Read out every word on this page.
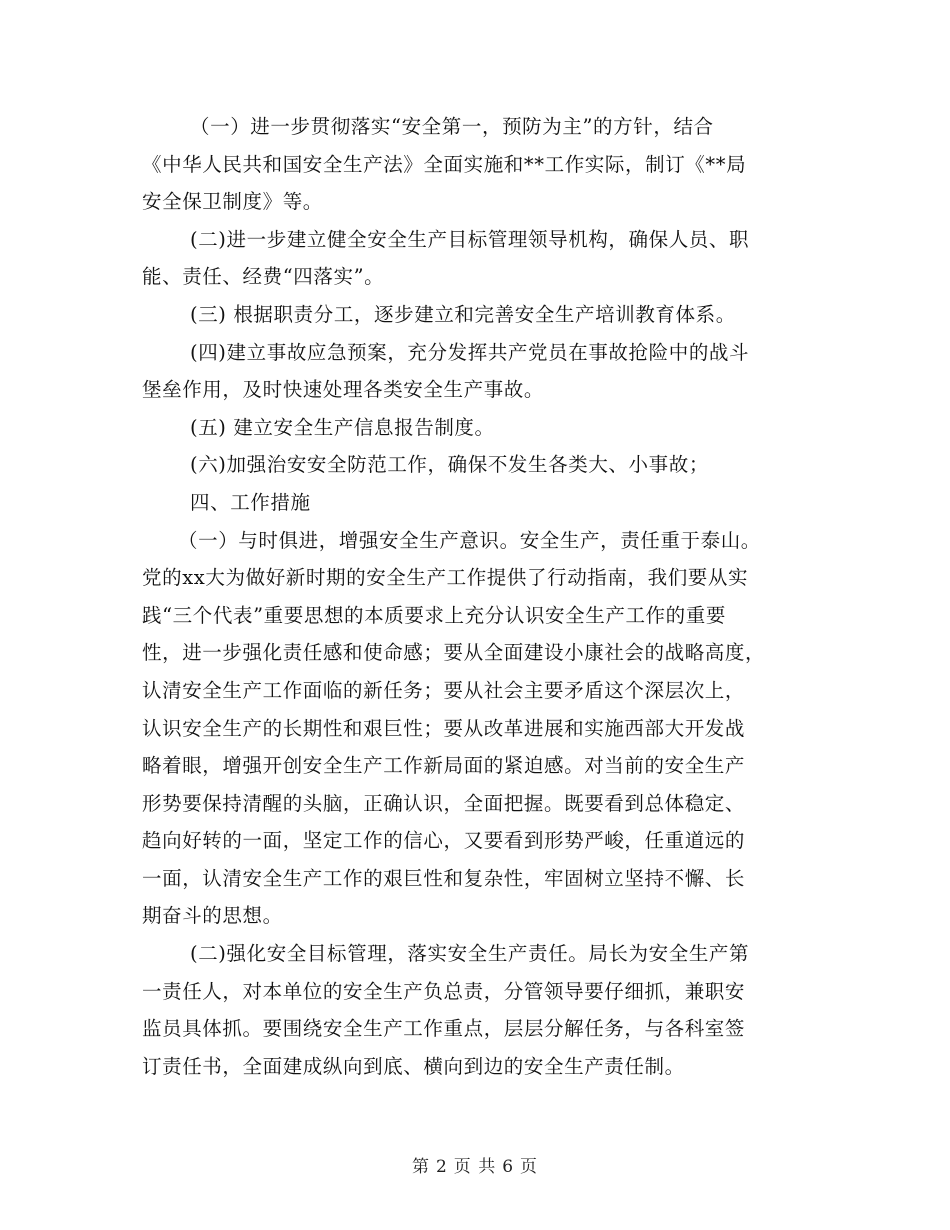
（一）进一步贯彻落实“安全第一，预防为主”的方针，结合
《中华人民共和国安全生产法》全面实施和**工作实际，制订《**局
安全保卫制度》等。
(二)进一步建立健全安全生产目标管理领导机构，确保人员、职
能、责任、经费“四落实”。
(三) 根据职责分工，逐步建立和完善安全生产培训教育体系。
(四)建立事故应急预案，充分发挥共产党员在事故抢险中的战斗
堡垒作用，及时快速处理各类安全生产事故。
(五) 建立安全生产信息报告制度。
(六)加强治安安全防范工作，确保不发生各类大、小事故；
四、工作措施
（一）与时俱进，增强安全生产意识。安全生产，责任重于泰山。
党的xx大为做好新时期的安全生产工作提供了行动指南，我们要从实
践“三个代表”重要思想的本质要求上充分认识安全生产工作的重要
性，进一步强化责任感和使命感；要从全面建设小康社会的战略高度，
认清安全生产工作面临的新任务；要从社会主要矛盾这个深层次上，
认识安全生产的长期性和艰巨性；要从改革进展和实施西部大开发战
略着眼，增强开创安全生产工作新局面的紧迫感。对当前的安全生产
形势要保持清醒的头脑，正确认识，全面把握。既要看到总体稳定、
趋向好转的一面，坚定工作的信心，又要看到形势严峻，任重道远的
一面，认清安全生产工作的艰巨性和复杂性，牢固树立坚持不懈、长
期奋斗的思想。
(二)强化安全目标管理，落实安全生产责任。局长为安全生产第
一责任人，对本单位的安全生产负总责，分管领导要仔细抓，兼职安
监员具体抓。要围绕安全生产工作重点，层层分解任务，与各科室签
订责任书，全面建成纵向到底、横向到边的安全生产责任制。
第 2 页 共 6 页
